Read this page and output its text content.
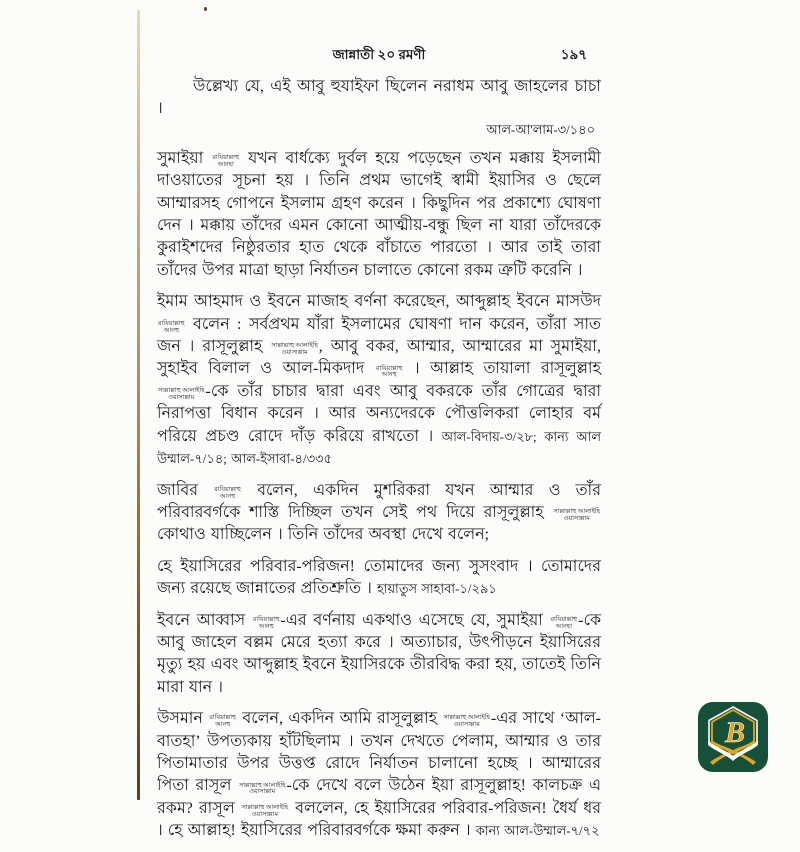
জান্নাতী ২০ রমণী	১৯৭

উল্লেখ্য যে, এই আবু হুযাইফা ছিলেন নরাধম আবু জাহলের চাচা ।
আল-আ'লাম-৩/১৪০

সুমাইয়া রাযিয়াল্লাহু
আনহা যখন বার্ধক্যে দুর্বল হয়ে পড়েছেন তখন মক্কায় ইসলামী দাওয়াতের সূচনা হয় । তিনি প্রথম ভাগেই স্বামী ইয়াসির ও ছেলে আম্মারসহ গোপনে ইসলাম গ্রহণ করেন । কিছুদিন পর প্রকাশ্যে ঘোষণা দেন । মক্কায় তাঁদের এমন কোনো আত্মীয়-বন্ধু ছিল না যারা তাঁদেরকে কুরাইশদের নিষ্ঠুরতার হাত থেকে বাঁচাতে পারতো । আর তাই তারা তাঁদের উপর মাত্রা ছাড়া নির্যাতন চালাতে কোনো রকম ত্রুটি করেনি ।

ইমাম আহমাদ ও ইবনে মাজাহ বর্ণনা করেছেন, আব্দুল্লাহ ইবনে মাসউদ
রাযিয়াল্লাহু
আনহু বলেন : সর্বপ্রথম যাঁরা ইসলামের ঘোষণা দান করেন, তাঁরা সাত জন । রাসূলুল্লাহ সাল্লাল্লাহু আলাইহি
ওয়াসাল্লাম , আবু বকর, আম্মার, আম্মারের মা সুমাইয়া, সুহাইব বিলাল ও আল-মিকদাদ রাযিয়াল্লাহু
আনহু । আল্লাহ তায়ালা রাসূলুল্লাহ
সাল্লাল্লাহু আলাইহি
ওয়াসাল্লাম -কে তাঁর চাচার দ্বারা এবং আবু বকরকে তাঁর গোত্রের দ্বারা নিরাপত্তা বিধান করেন । আর অন্যদেরকে পৌত্তলিকরা লোহার বর্ম পরিয়ে প্রচণ্ড রোদে দাঁড় করিয়ে রাখতো । আল-বিদায়-৩/২৮; কান্য আল উম্মাল-৭/১৪; আল-ইসাবা-৪/৩৩৫

জাবির রাযিয়াল্লাহু
আনহু বলেন, একদিন মুশরিকরা যখন আম্মার ও তাঁর পরিবারবর্গকে শাস্তি দিচ্ছিল তখন সেই পথ দিয়ে রাসূলুল্লাহ সাল্লাল্লাহু আলাইহি
ওয়াসাল্লাম
কোথাও যাচ্ছিলেন । তিনি তাঁদের অবস্থা দেখে বলেন;

হে ইয়াসিরের পরিবার-পরিজন! তোমাদের জন্য সুসংবাদ । তোমাদের জন্য রয়েছে জান্নাতের প্রতিশ্রুতি । হায়াতুস সাহাবা-১/২৯১

ইবনে আব্বাস রাযিয়াল্লাহু
আনহু -এর বর্ণনায় একথাও এসেছে যে, সুমাইয়া রাযিয়াল্লাহু
আনহা -কে আবু জাহেল বল্লম মেরে হত্যা করে । অত্যাচার, উৎপীড়নে ইয়াসিরের মৃত্যু হয় এবং আব্দুল্লাহ ইবনে ইয়াসিরকে তীরবিদ্ধ করা হয়, তাতেই তিনি মারা যান ।

উসমান রাযিয়াল্লাহু
আনহু বলেন, একদিন আমি রাসূলুল্লাহ সাল্লাল্লাহু আলাইহি
ওয়াসাল্লাম -এর সাথে ‘আল-বাতহা’ উপত্যকায় হাঁটছিলাম । তখন দেখতে পেলাম, আম্মার ও তার পিতামাতার উপর উত্তপ্ত রোদে নির্যাতন চালানো হচ্ছে । আম্মারের পিতা রাসূল সাল্লাল্লাহু আলাইহি
ওয়াসাল্লাম -কে দেখে বলে উঠেন ইয়া রাসূলুল্লাহ! কালচক্র এ রকম? রাসূল সাল্লাল্লাহু আলাইহি
ওয়াসাল্লাম বললেন, হে ইয়াসিরের পরিবার-পরিজন! ধৈর্য ধর । হে আল্লাহ! ইয়াসিরের পরিবারবর্গকে ক্ষমা করুন । কান্য আল-উম্মাল-৭/৭২

B
